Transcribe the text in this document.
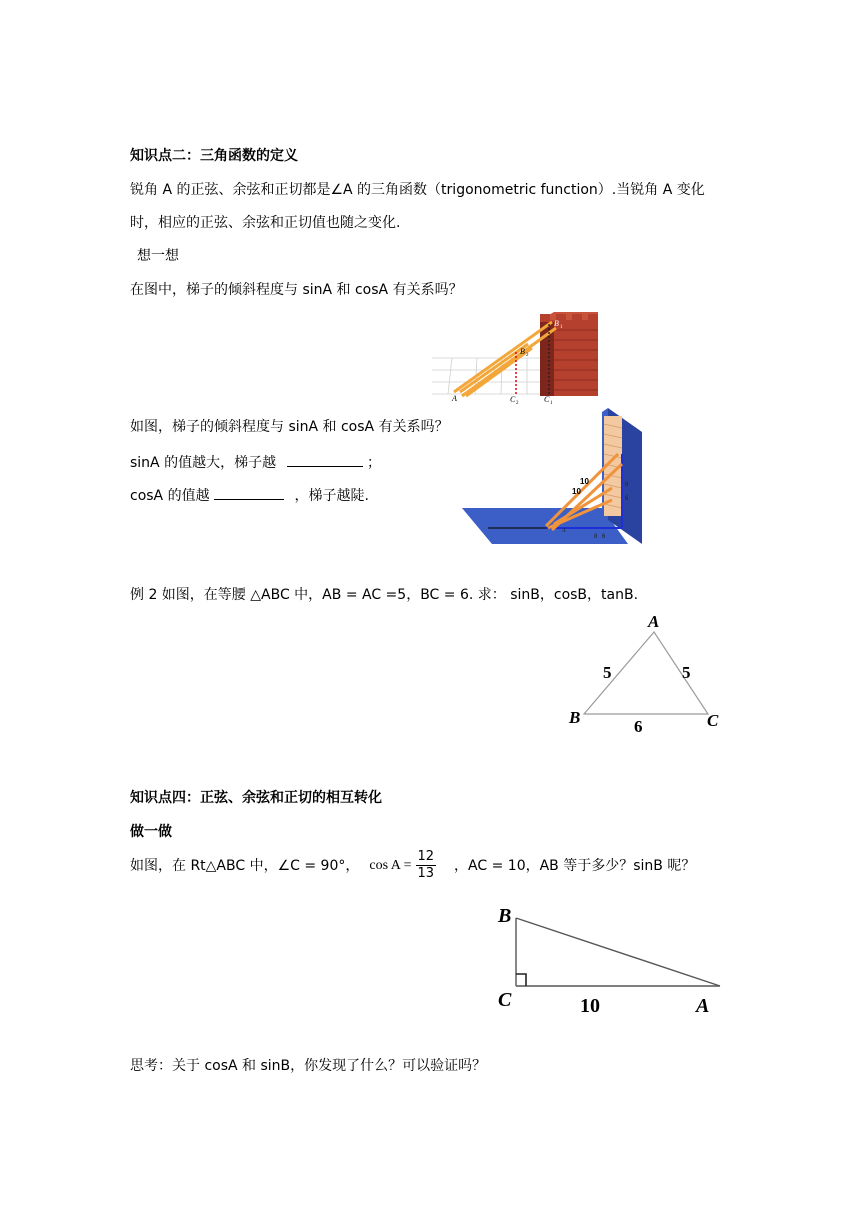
知识点二：三角函数的定义
锐角 A 的正弦、余弦和正切都是∠A 的三角函数（trigonometric function）.当锐角 A 变化
时，相应的正弦、余弦和正切值也随之变化.
想一想
在图中，梯子的倾斜程度与 sinA 和 cosA 有关系吗？
A
B 1
B 2
C 2	C 1
如图，梯子的倾斜程度与 sinA 和 cosA 有关系吗？
sinA 的值越大，梯子越	；
cosA 的值越	，梯子越陡.
10
10
8
6
8 6
A
例 2 如图，在等腰 △ABC 中，AB = AC =5，BC = 6. 求： sinB，cosB，tanB.
A
B	C
5	5
6
知识点四：正弦、余弦和正切的相互转化
做一做
如图，在 Rt△ABC 中，∠C = 90°， $\cos A = \frac{12}{13}$ ，AC = 10，AB 等于多少？sinB 呢？
B
C	A
10
思考：关于 cosA 和 sinB，你发现了什么？可以验证吗？
